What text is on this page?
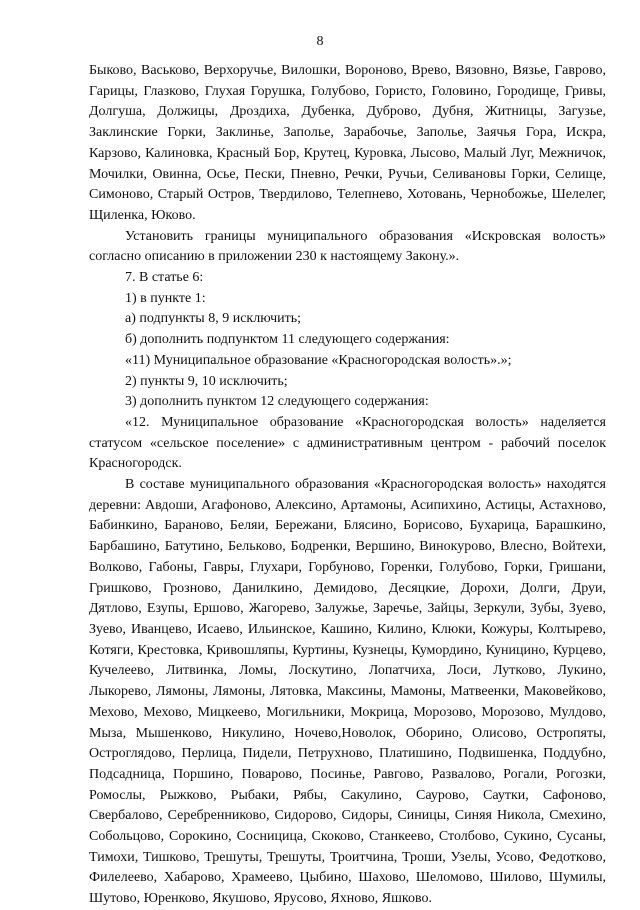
8

Быково, Васьково, Верхоручье, Вилошки, Вороново, Врево, Вязовно, Вязье, Гаврово, Гарицы, Глазково, Глухая Горушка, Голубово, Гористо, Головино, Городище, Гривы, Долгуша, Должицы, Дроздиха, Дубенка, Дуброво, Дубня, Житницы, Загузье, Заклинские Горки, Заклинье, Заполье, Зарабочье, Заполье, Заячья Гора, Искра, Карзово, Калиновка, Красный Бор, Крутец, Куровка, Лысово, Малый Луг, Межничок, Мочилки, Овинна, Осье, Пески, Пневно, Речки, Ручьи, Селивановы Горки, Селище, Симоново, Старый Остров, Твердилово, Телепнево, Хотовань, Чернобожье, Шелелег, Щиленка, Юково.

Установить границы муниципального образования «Искровская волость» согласно описанию в приложении 230 к настоящему Закону.».

7. В статье 6:

1) в пункте 1:

а) подпункты 8, 9 исключить;

б) дополнить подпунктом 11 следующего содержания:

«11) Муниципальное образование «Красногородская волость».»;

2) пункты 9, 10 исключить;

3) дополнить пунктом 12 следующего содержания:

«12. Муниципальное образование «Красногородская волость» наделяется статусом «сельское поселение» с административным центром - рабочий поселок Красногородск.

В составе муниципального образования «Красногородская волость» находятся деревни: Авдоши, Агафоново, Алексино, Артамоны, Асипихино, Астицы, Астахново, Бабинкино, Бараново, Беляи, Бережани, Блясино, Борисово, Бухарица, Барашкино, Барбашино, Батутино, Бельково, Бодренки, Вершино, Винокурово, Влесно, Войтехи, Волково, Габоны, Гавры, Глухари, Горбуново, Горенки, Голубово, Горки, Гришани, Гришково, Грозново, Данилкино, Демидово, Десяцкие, Дорохи, Долги, Друи, Дятлово, Езупы, Ершово, Жагорево, Залужье, Заречье, Зайцы, Зеркули, Зубы, Зуево, Зуево, Иванцево, Исаево, Ильинское, Кашино, Килино, Клюки, Кожуры, Колтырево, Котяги, Крестовка, Кривошляпы, Куртины, Кузнецы, Кумордино, Куницино, Курцево, Кучелеево, Литвинка, Ломы, Лоскутино, Лопатчиха, Лоси, Лутково, Лукино, Лыкорево, Лямоны, Лямоны, Лятовка, Максины, Мамоны, Матвеенки, Маковейково, Мехово, Мехово, Мицкеево, Могильники, Мокрица, Морозово, Морозово, Мулдово, Мыза, Мышенково, Никулино, Ночево,Новолок, Оборино, Олисово, Остропяты, Остроглядово, Перлица, Пидели, Петрухново, Платишино, Подвишенка, Поддубно, Подсадница, Поршино, Поварово, Посинье, Равгово, Развалово, Рогали, Рогозки, Ромослы, Рыжково, Рыбаки, Рябы, Сакулино, Саурово, Саутки, Сафоново, Свербалово, Серебренниково, Сидорово, Сидоры, Синицы, Синяя Никола, Смехино, Собольцово, Сорокино, Сосницица, Скоково, Станкеево, Столбово, Сукино, Сусаны, Тимохи, Тишково, Трешуты, Трешуты, Троитчина, Троши, Узелы, Усово, Федотково, Филелеево, Хабарово, Храмеево, Цыбино, Шахово, Шеломово, Шилово, Шумилы, Шутово, Юренково, Якушово, Ярусово, Яхново, Яшково.
